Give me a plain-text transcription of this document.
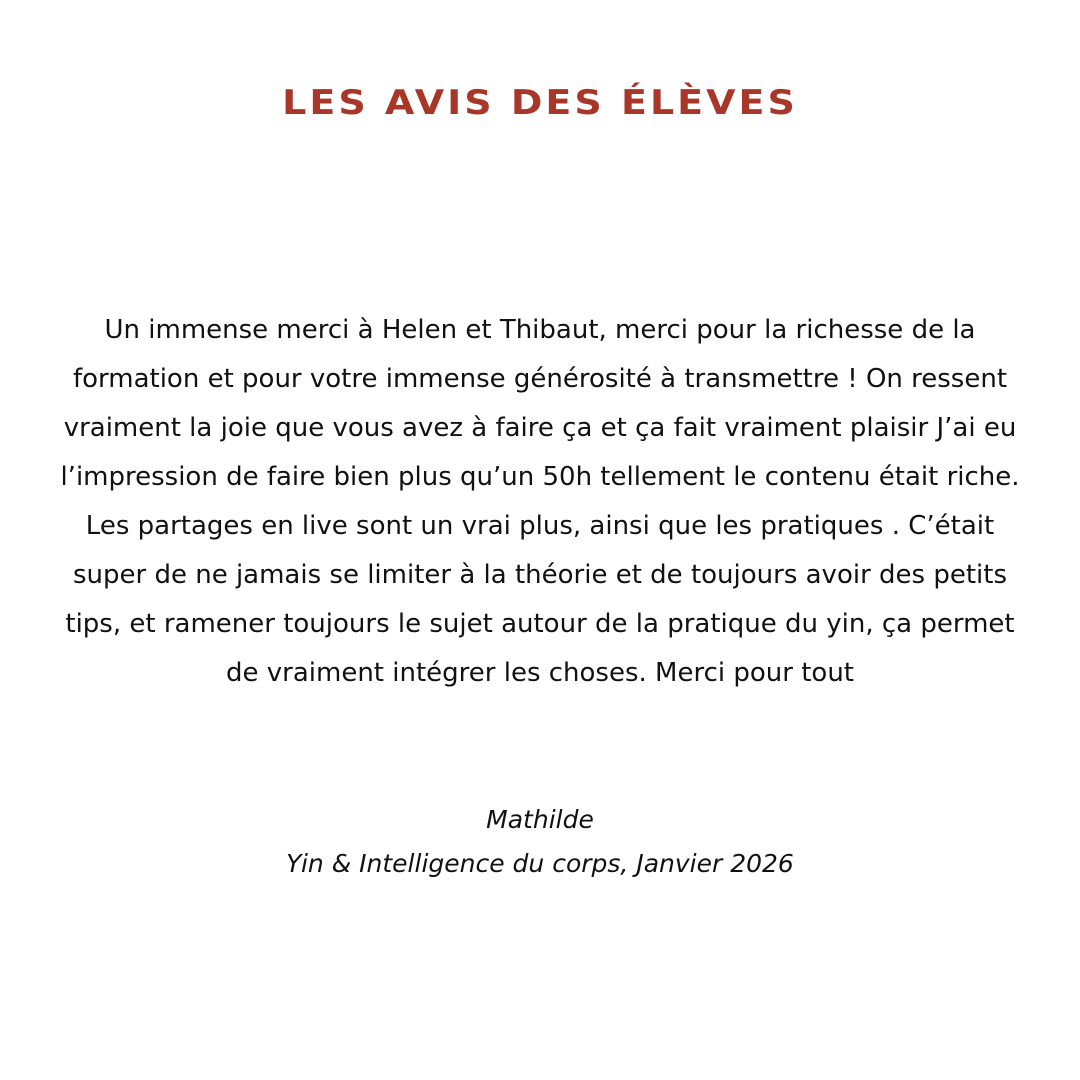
LES AVIS DES ÉLÈVES

Un immense merci à Helen et Thibaut, merci pour la richesse de la formation et pour votre immense générosité à transmettre ! On ressent vraiment la joie que vous avez à faire ça et ça fait vraiment plaisir J’ai eu l’impression de faire bien plus qu’un 50h tellement le contenu était riche. Les partages en live sont un vrai plus, ainsi que les pratiques . C’était super de ne jamais se limiter à la théorie et de toujours avoir des petits tips, et ramener toujours le sujet autour de la pratique du yin, ça permet de vraiment intégrer les choses. Merci pour tout

Mathilde
Yin & Intelligence du corps, Janvier 2026
